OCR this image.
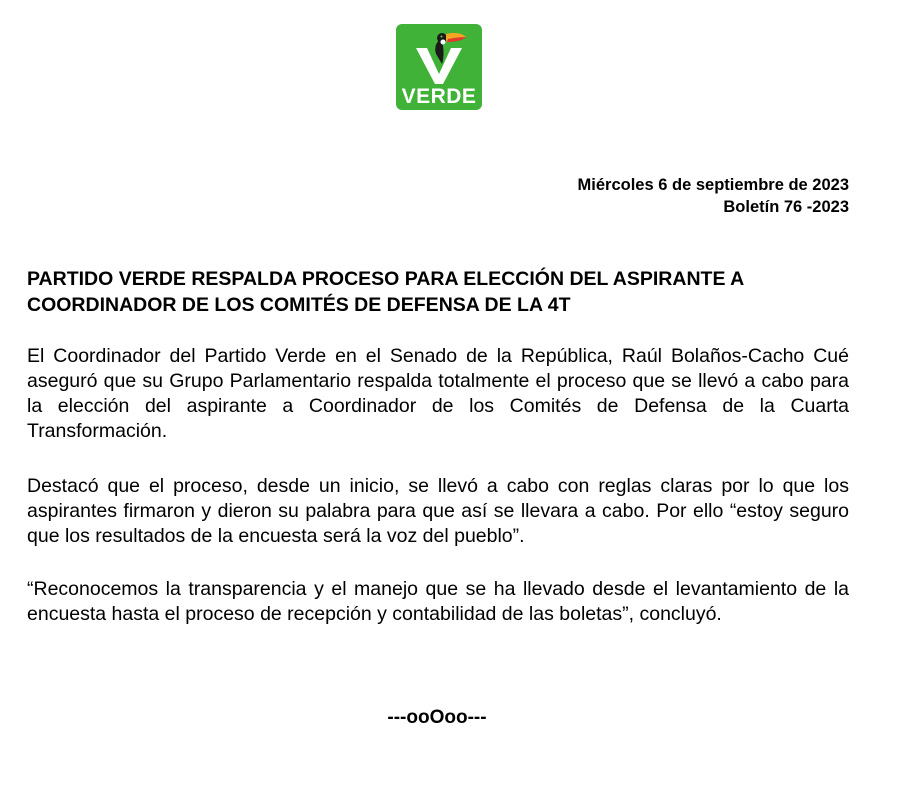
VERDE
Miércoles 6 de septiembre de 2023
Boletín 76 -2023
PARTIDO VERDE RESPALDA PROCESO PARA ELECCIÓN DEL ASPIRANTE A COORDINADOR DE LOS COMITÉS DE DEFENSA DE LA 4T

El Coordinador del Partido Verde en el Senado de la República, Raúl Bolaños-Cacho Cué aseguró que su Grupo Parlamentario respalda totalmente el proceso que se llevó a cabo para la elección del aspirante a Coordinador de los Comités de Defensa de la Cuarta Transformación.

Destacó que el proceso, desde un inicio, se llevó a cabo con reglas claras por lo que los aspirantes firmaron y dieron su palabra para que así se llevara a cabo. Por ello “estoy seguro que los resultados de la encuesta será la voz del pueblo”.

“Reconocemos la transparencia y el manejo que se ha llevado desde el levantamiento de la encuesta hasta el proceso de recepción y contabilidad de las boletas”, concluyó.

---ooOoo---
